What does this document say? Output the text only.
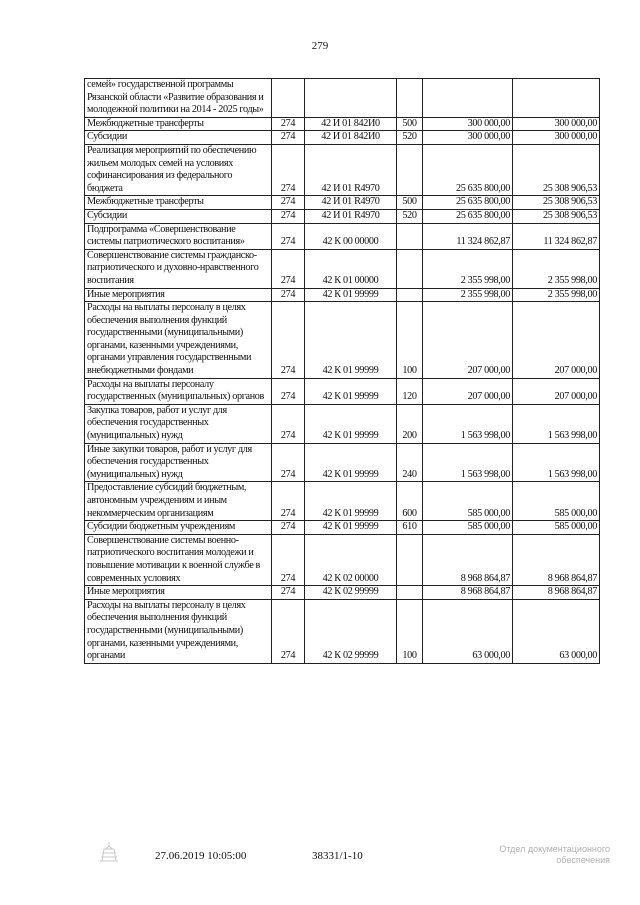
279
семей» государственной программы Рязанской области «Развитие образования и молодежной политики на 2014 - 2025 годы»					
Межбюджетные трансферты	274	42 И 01 842И0	500	300 000,00	300 000,00
Субсидии	274	42 И 01 842И0	520	300 000,00	300 000,00
Реализация мероприятий по обеспечению жильем молодых семей на условиях софинансирования из федерального бюджета	274	42 И 01 R4970		25 635 800,00	25 308 906,53
Межбюджетные трансферты	274	42 И 01 R4970	500	25 635 800,00	25 308 906,53
Субсидии	274	42 И 01 R4970	520	25 635 800,00	25 308 906,53
Подпрограмма «Совершенствование системы патриотического воспитания»	274	42 К 00 00000		11 324 862,87	11 324 862,87
Совершенствование системы гражданско-патриотического и духовно-нравственного воспитания	274	42 К 01 00000		2 355 998,00	2 355 998,00
Иные мероприятия	274	42 К 01 99999		2 355 998,00	2 355 998,00
Расходы на выплаты персоналу в целях обеспечения выполнения функций государственными (муниципальными) органами, казенными учреждениями, органами управления государственными внебюджетными фондами	274	42 К 01 99999	100	207 000,00	207 000,00
Расходы на выплаты персоналу государственных (муниципальных) органов	274	42 К 01 99999	120	207 000,00	207 000,00
Закупка товаров, работ и услуг для обеспечения государственных (муниципальных) нужд	274	42 К 01 99999	200	1 563 998,00	1 563 998,00
Иные закупки товаров, работ и услуг для обеспечения государственных (муниципальных) нужд	274	42 К 01 99999	240	1 563 998,00	1 563 998,00
Предоставление субсидий бюджетным, автономным учреждениям и иным некоммерческим организациям	274	42 К 01 99999	600	585 000,00	585 000,00
Субсидии бюджетным учреждениям	274	42 К 01 99999	610	585 000,00	585 000,00
Совершенствование системы военно-патриотического воспитания молодежи и повышение мотивации к военной службе в современных условиях	274	42 К 02 00000		8 968 864,87	8 968 864,87
Иные мероприятия	274	42 К 02 99999		8 968 864,87	8 968 864,87
Расходы на выплаты персоналу в целях обеспечения выполнения функций государственными (муниципальными) органами, казенными учреждениями, органами	274	42 К 02 99999	100	63 000,00	63 000,00
27.06.2019 10:05:00	38331/1-10
Отдел документационного
обеспечения
